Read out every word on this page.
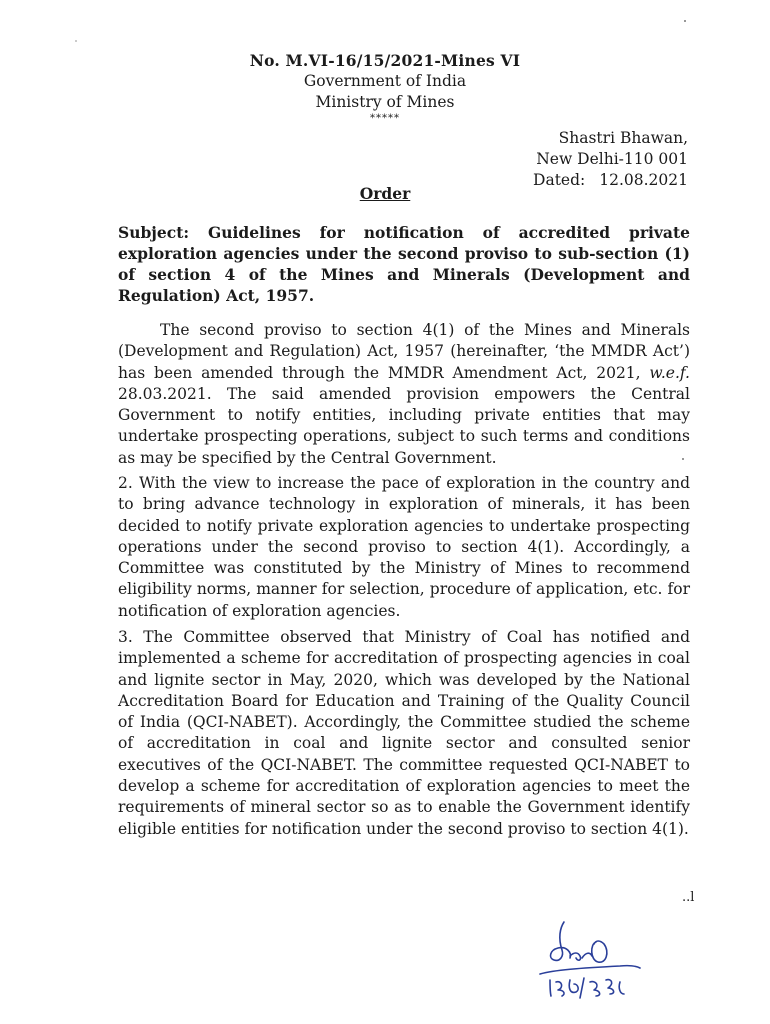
No. M.VI-16/15/2021-Mines VI
Government of India
Ministry of Mines
*****
Shastri Bhawan,
New Delhi-110 001
Dated: 12.08.2021
Order
Subject: Guidelines for notification of accredited private exploration agencies under the second proviso to sub-section (1) of section 4 of the Mines and Minerals (Development and Regulation) Act, 1957.
The second proviso to section 4(1) of the Mines and Minerals (Development and Regulation) Act, 1957 (hereinafter, ‘the MMDR Act’) has been amended through the MMDR Amendment Act, 2021, w.e.f. 28.03.2021. The said amended provision empowers the Central Government to notify entities, including private entities that may undertake prospecting operations, subject to such terms and conditions as may be specified by the Central Government.
2. With the view to increase the pace of exploration in the country and to bring advance technology in exploration of minerals, it has been decided to notify private exploration agencies to undertake prospecting operations under the second proviso to section 4(1). Accordingly, a Committee was constituted by the Ministry of Mines to recommend eligibility norms, manner for selection, procedure of application, etc. for notification of exploration agencies.
3. The Committee observed that Ministry of Coal has notified and implemented a scheme for accreditation of prospecting agencies in coal and lignite sector in May, 2020, which was developed by the National Accreditation Board for Education and Training of the Quality Council of India (QCI-NABET). Accordingly, the Committee studied the scheme of accreditation in coal and lignite sector and consulted senior executives of the QCI-NABET. The committee requested QCI-NABET to develop a scheme for accreditation of exploration agencies to meet the requirements of mineral sector so as to enable the Government identify eligible entities for notification under the second proviso to section 4(1).
..l
